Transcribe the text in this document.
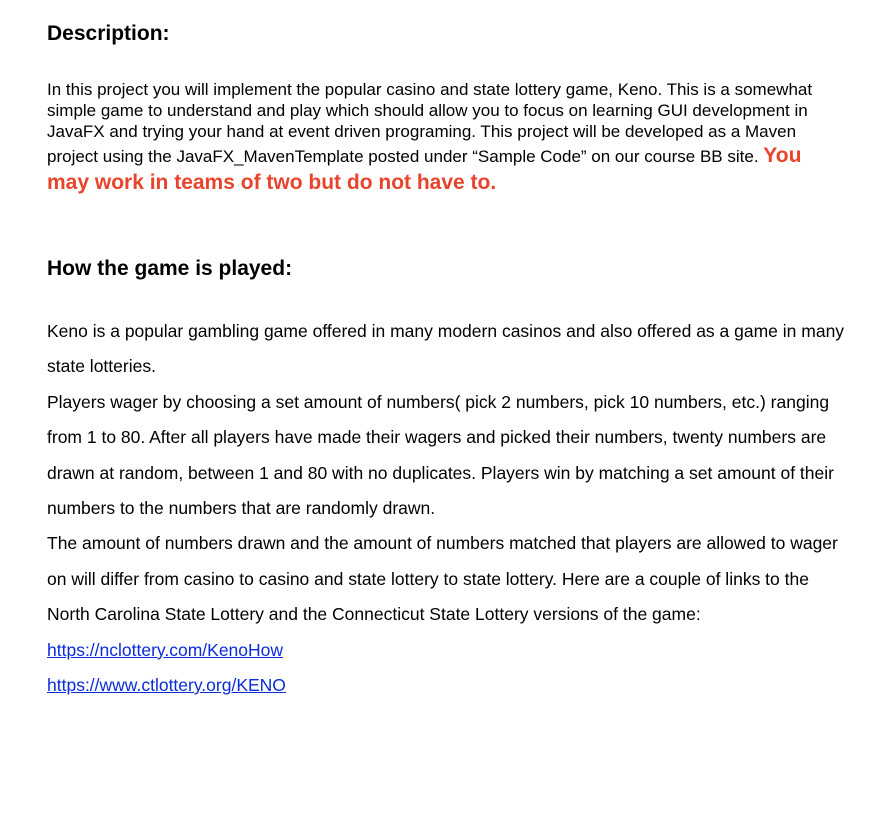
Description:
In this project you will implement the popular casino and state lottery game, Keno. This is a somewhat simple game to understand and play which should allow you to focus on learning GUI development in JavaFX and trying your hand at event driven programing. This project will be developed as a Maven project using the JavaFX_MavenTemplate posted under “Sample Code” on our course BB site. You may work in teams of two but do not have to.
How the game is played:

Keno is a popular gambling game offered in many modern casinos and also offered as a game in many state lotteries.

Players wager by choosing a set amount of numbers( pick 2 numbers, pick 10 numbers, etc.) ranging from 1 to 80. After all players have made their wagers and picked their numbers, twenty numbers are drawn at random, between 1 and 80 with no duplicates. Players win by matching a set amount of their numbers to the numbers that are randomly drawn.

The amount of numbers drawn and the amount of numbers matched that players are allowed to wager on will differ from casino to casino and state lottery to state lottery. Here are a couple of links to the North Carolina State Lottery and the Connecticut State Lottery versions of the game:

https://nclottery.com/KenoHow
https://www.ctlottery.org/KENO
